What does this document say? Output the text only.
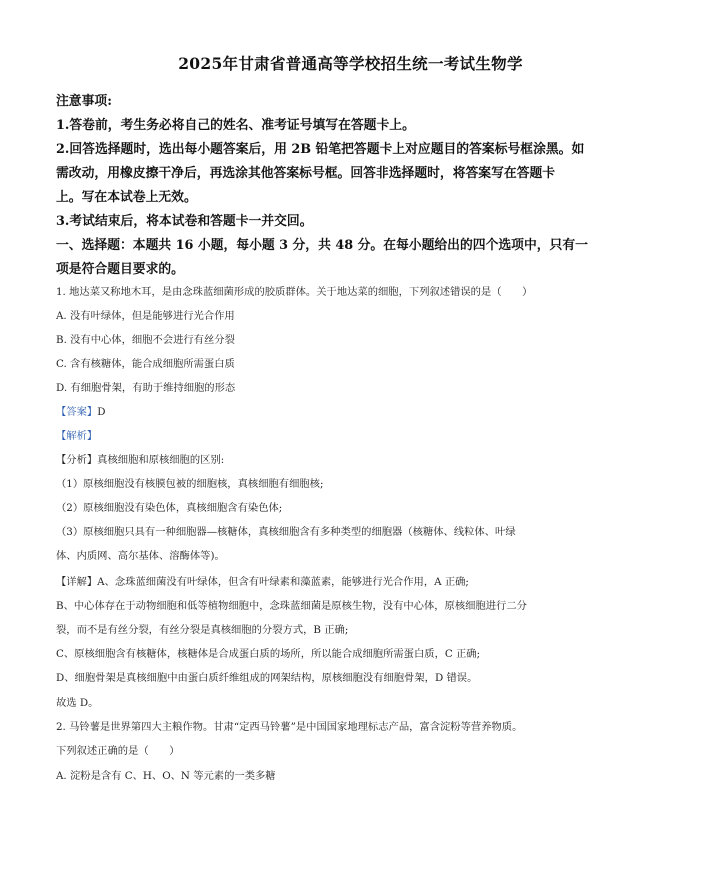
2025年甘肃省普通高等学校招生统一考试生物学
注意事项:
1.答卷前，考生务必将自己的姓名、准考证号填写在答题卡上。
2.回答选择题时，选出每小题答案后，用 2B 铅笔把答题卡上对应题目的答案标号框涂黑。如
需改动，用橡皮擦干净后，再选涂其他答案标号框。回答非选择题时，将答案写在答题卡
上。写在本试卷上无效。
3.考试结束后，将本试卷和答题卡一并交回。
一、选择题：本题共 16 小题，每小题 3 分，共 48 分。在每小题给出的四个选项中，只有一
项是符合题目要求的。
1. 地达菜又称地木耳，是由念珠蓝细菌形成的胶质群体。关于地达菜的细胞，下列叙述错误的是（　　）
A. 没有叶绿体，但是能够进行光合作用
B. 没有中心体，细胞不会进行有丝分裂
C. 含有核糖体，能合成细胞所需蛋白质
D. 有细胞骨架，有助于维持细胞的形态
【答案】D
【解析】
【分析】真核细胞和原核细胞的区别:
（1）原核细胞没有核膜包被的细胞核，真核细胞有细胞核;
（2）原核细胞没有染色体，真核细胞含有染色体;
（3）原核细胞只具有一种细胞器—核糖体，真核细胞含有多种类型的细胞器（核糖体、线粒体、叶绿
体、内质网、高尔基体、溶酶体等)。
【详解】A、念珠蓝细菌没有叶绿体，但含有叶绿素和藻蓝素，能够进行光合作用，A 正确;
B、中心体存在于动物细胞和低等植物细胞中，念珠蓝细菌是原核生物，没有中心体，原核细胞进行二分
裂，而不是有丝分裂，有丝分裂是真核细胞的分裂方式，B 正确;
C、原核细胞含有核糖体，核糖体是合成蛋白质的场所，所以能合成细胞所需蛋白质，C 正确;
D、细胞骨架是真核细胞中由蛋白质纤维组成的网架结构，原核细胞没有细胞骨架，D 错误。
故选 D。
2. 马铃薯是世界第四大主粮作物。甘肃“定西马铃薯”是中国国家地理标志产品，富含淀粉等营养物质。
下列叙述正确的是（　　）
A. 淀粉是含有 C、H、O、N 等元素的一类多糖
